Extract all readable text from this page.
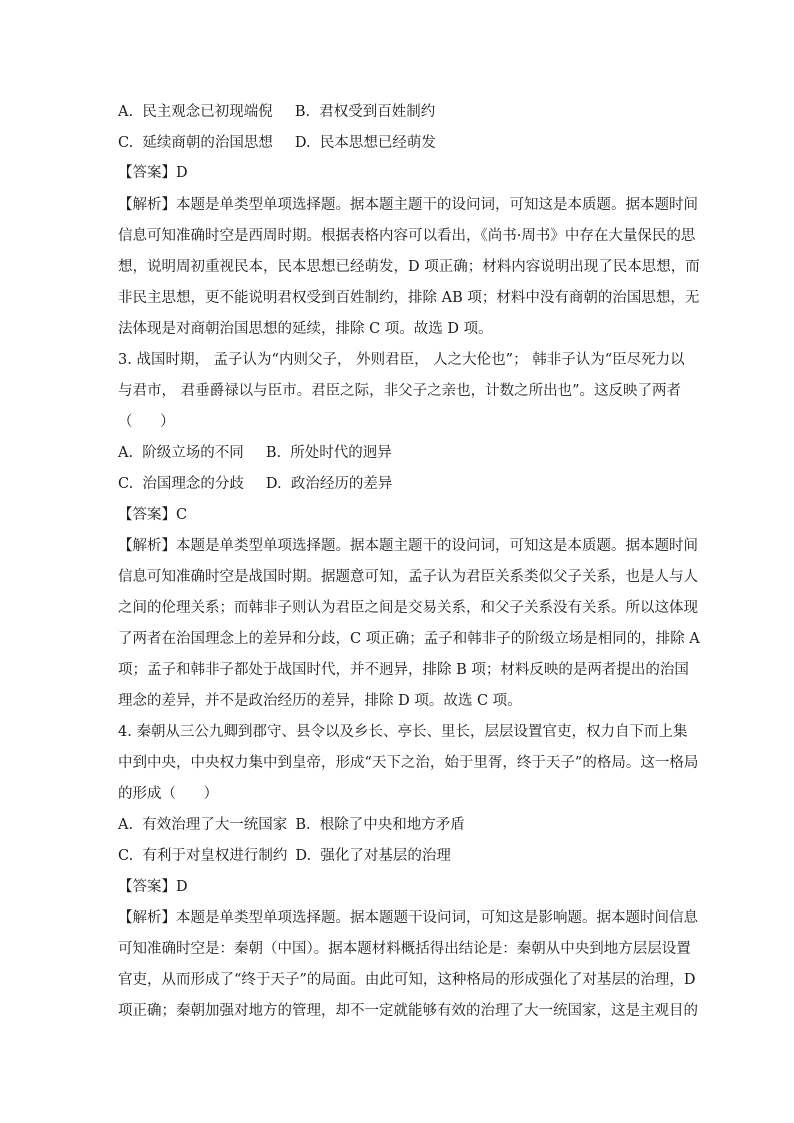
A.  民主观念已初现端倪 B.  君权受到百姓制约
C.  延续商朝的治国思想 D.  民本思想已经萌发
【答案】D
【解析】本题是单类型单项选择题。据本题主题干的设问词，可知这是本质题。据本题时间
信息可知准确时空是西周时期。根据表格内容可以看出，《尚书·周书》中存在大量保民的思
想，说明周初重视民本，民本思想已经萌发，D 项正确；材料内容说明出现了民本思想，而
非民主思想，更不能说明君权受到百姓制约，排除 AB 项；材料中没有商朝的治国思想，无
法体现是对商朝治国思想的延续，排除 C 项。故选 D 项。
3. 战国时期， 孟子认为“内则父子， 外则君臣， 人之大伦也”； 韩非子认为“臣尽死力以
与君市， 君垂爵禄以与臣市。君臣之际，非父子之亲也，计数之所出也”。这反映了两者
（      ）
A.  阶级立场的不同 B.  所处时代的迥异
C.  治国理念的分歧 D.  政治经历的差异
【答案】C
【解析】本题是单类型单项选择题。据本题主题干的设问词，可知这是本质题。据本题时间
信息可知准确时空是战国时期。据题意可知，孟子认为君臣关系类似父子关系，也是人与人
之间的伦理关系；而韩非子则认为君臣之间是交易关系，和父子关系没有关系。所以这体现
了两者在治国理念上的差异和分歧，C 项正确；孟子和韩非子的阶级立场是相同的，排除 A
项；孟子和韩非子都处于战国时代，并不迥异，排除 B 项；材料反映的是两者提出的治国
理念的差异，并不是政治经历的差异，排除 D 项。故选 C 项。
4. 秦朝从三公九卿到郡守、县令以及乡长、亭长、里长，层层设置官吏，权力自下而上集
中到中央，中央权力集中到皇帝，形成“天下之治，始于里胥，终于天子”的格局。这一格局
的形成（      ）
A.  有效治理了大一统国家 B.  根除了中央和地方矛盾
C.  有利于对皇权进行制约 D.  强化了对基层的治理
【答案】D
【解析】本题是单类型单项选择题。据本题题干设问词，可知这是影响题。据本题时间信息
可知准确时空是：秦朝（中国）。据本题材料概括得出结论是：秦朝从中央到地方层层设置
官吏，从而形成了“终于天子”的局面。由此可知，这种格局的形成强化了对基层的治理，D
项正确；秦朝加强对地方的管理，却不一定就能够有效的治理了大一统国家，这是主观目的
